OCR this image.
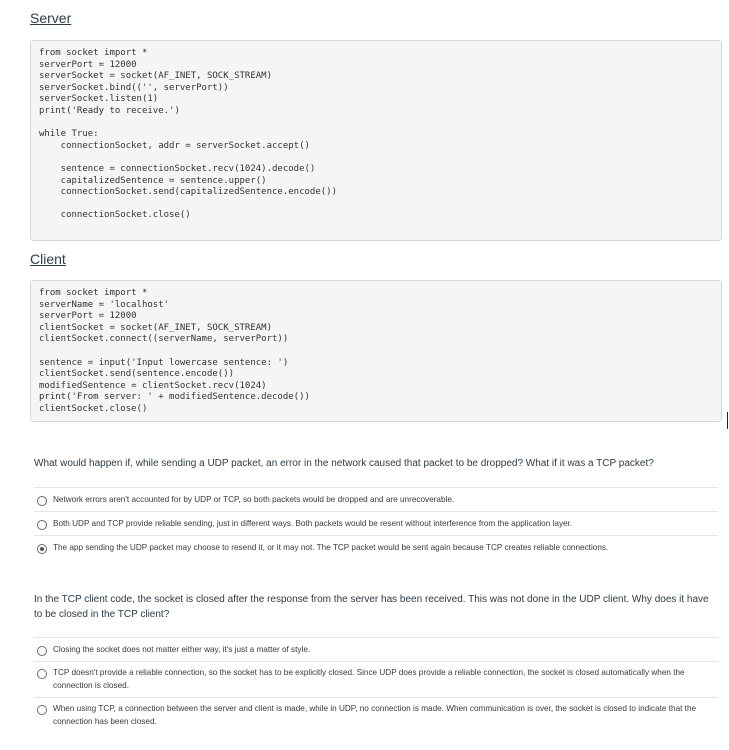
Server
from socket import *
serverPort = 12000
serverSocket = socket(AF_INET, SOCK_STREAM)
serverSocket.bind(('', serverPort))
serverSocket.listen(1)
print('Ready to receive.')
while True:
connectionSocket, addr = serverSocket.accept()
sentence = connectionSocket.recv(1024).decode()
capitalizedSentence = sentence.upper()
connectionSocket.send(capitalizedSentence.encode())
connectionSocket.close()
Client
from socket import *
serverName = 'localhost'
serverPort = 12000
clientSocket = socket(AF_INET, SOCK_STREAM)
clientSocket.connect((serverName, serverPort))
sentence = input('Input lowercase sentence: ')
clientSocket.send(sentence.encode())
modifiedSentence = clientSocket.recv(1024)
print('From server: ' + modifiedSentence.decode())
clientSocket.close()
What would happen if, while sending a UDP packet, an error in the network caused that packet to be dropped? What if it was a TCP packet?
Network errors aren't accounted for by UDP or TCP, so both packets would be dropped and are unrecoverable.
Both UDP and TCP provide reliable sending, just in different ways. Both packets would be resent without interference from the application layer.
The app sending the UDP packet may choose to resend it, or it may not. The TCP packet would be sent again because TCP creates reliable connections.
In the TCP client code, the socket is closed after the response from the server has been received. This was not done in the UDP client. Why does it have to be closed in the TCP client?
Closing the socket does not matter either way, it's just a matter of style.
TCP doesn't provide a reliable connection, so the socket has to be explicitly closed. Since UDP does provide a reliable connection, the socket is closed automatically when the connection is closed.
When using TCP, a connection between the server and client is made, while in UDP, no connection is made. When communication is over, the socket is closed to indicate that the connection has been closed.
